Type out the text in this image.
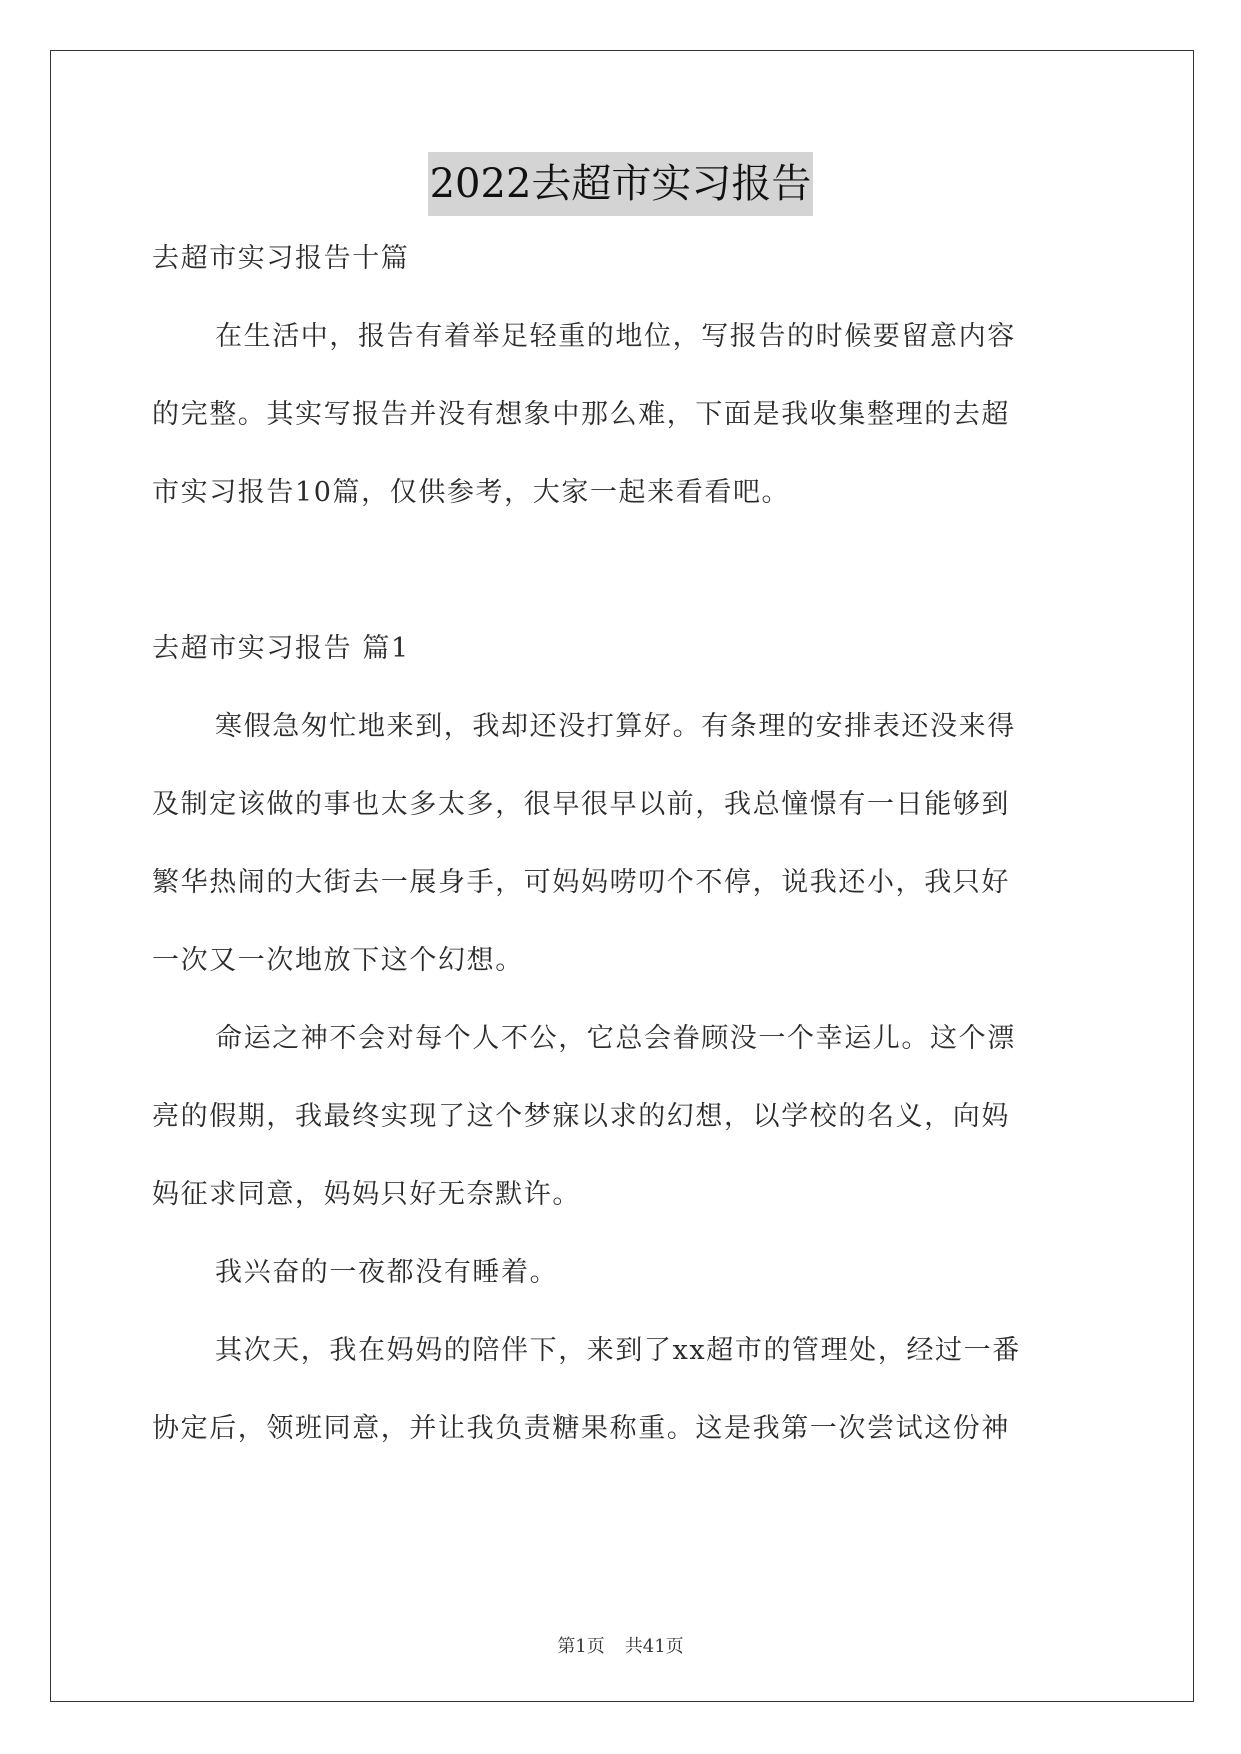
2022去超市实习报告
去超市实习报告十篇
在生活中，报告有着举足轻重的地位，写报告的时候要留意内容
的完整。其实写报告并没有想象中那么难，下面是我收集整理的去超
市实习报告10篇，仅供参考，大家一起来看看吧。
去超市实习报告 篇1
寒假急匆忙地来到，我却还没打算好。有条理的安排表还没来得
及制定该做的事也太多太多，很早很早以前，我总憧憬有一日能够到
繁华热闹的大街去一展身手，可妈妈唠叨个不停，说我还小，我只好
一次又一次地放下这个幻想。
命运之神不会对每个人不公，它总会眷顾没一个幸运儿。这个漂
亮的假期，我最终实现了这个梦寐以求的幻想，以学校的名义，向妈
妈征求同意，妈妈只好无奈默许。
我兴奋的一夜都没有睡着。
其次天，我在妈妈的陪伴下，来到了xx超市的管理处，经过一番
协定后，领班同意，并让我负责糖果称重。这是我第一次尝试这份神
第1页 共41页
